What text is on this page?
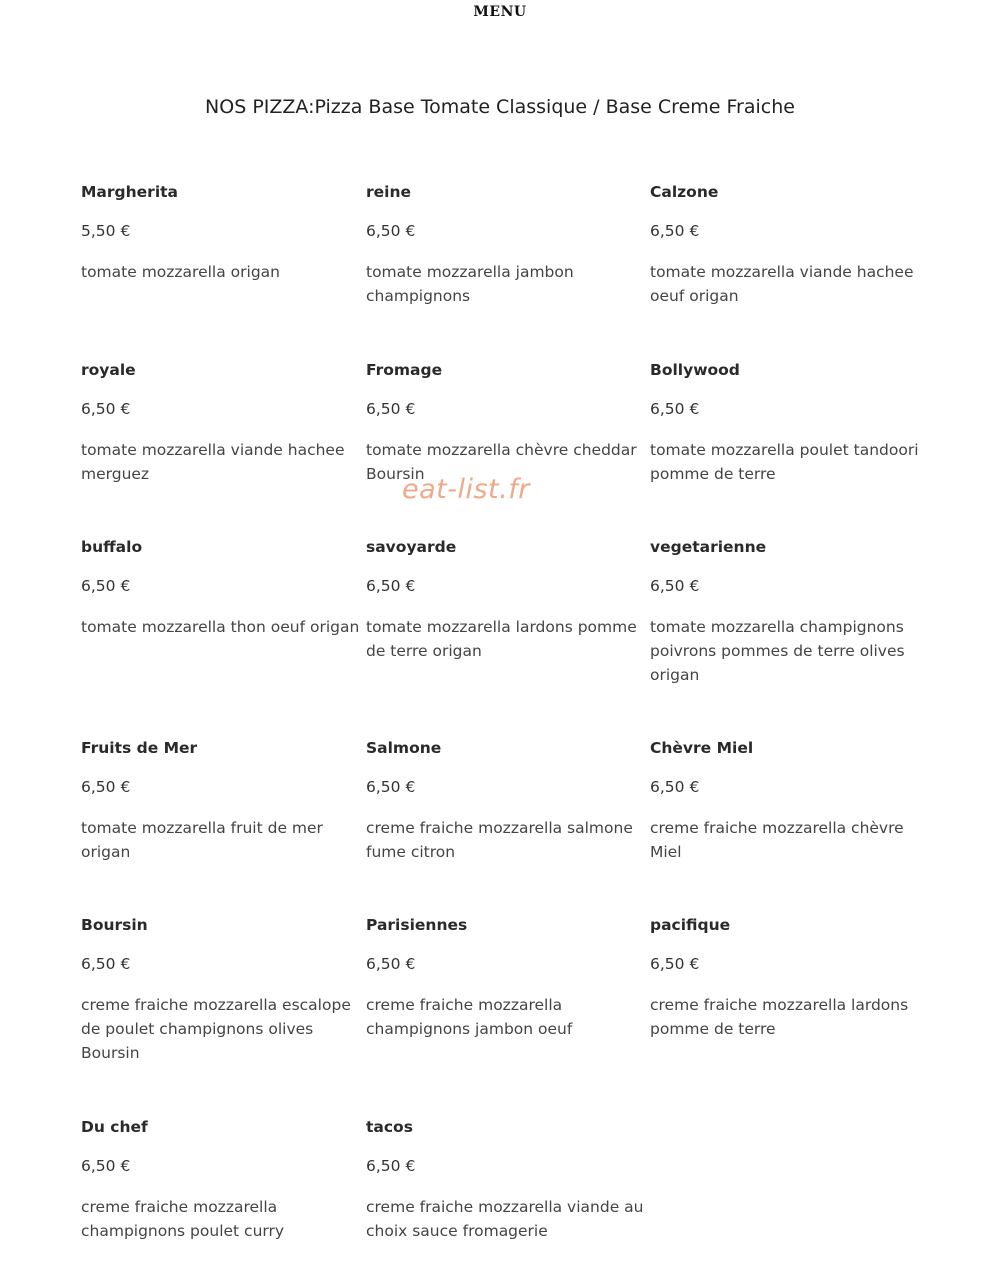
MENU
NOS PIZZA:Pizza Base Tomate Classique / Base Creme Fraiche
Margherita
5,50 €
tomate mozzarella origan
reine
6,50 €
tomate mozzarella jambon champignons
Calzone
6,50 €
tomate mozzarella viande hachee oeuf origan
royale
6,50 €
tomate mozzarella viande hachee merguez
Fromage
6,50 €
tomate mozzarella chèvre cheddar Boursin
Bollywood
6,50 €
tomate mozzarella poulet tandoori pomme de terre
buffalo
6,50 €
tomate mozzarella thon oeuf origan
savoyarde
6,50 €
tomate mozzarella lardons pomme de terre origan
vegetarienne
6,50 €
tomate mozzarella champignons poivrons pommes de terre olives origan
Fruits de Mer
6,50 €
tomate mozzarella fruit de mer origan
Salmone
6,50 €
creme fraiche mozzarella salmone fume citron
Chèvre Miel
6,50 €
creme fraiche mozzarella chèvre Miel
Boursin
6,50 €
creme fraiche mozzarella escalope de poulet champignons olives Boursin
Parisiennes
6,50 €
creme fraiche mozzarella champignons jambon oeuf
pacifique
6,50 €
creme fraiche mozzarella lardons pomme de terre
Du chef
6,50 €
creme fraiche mozzarella champignons poulet curry
tacos
6,50 €
creme fraiche mozzarella viande au choix sauce fromagerie
eat-list.fr
